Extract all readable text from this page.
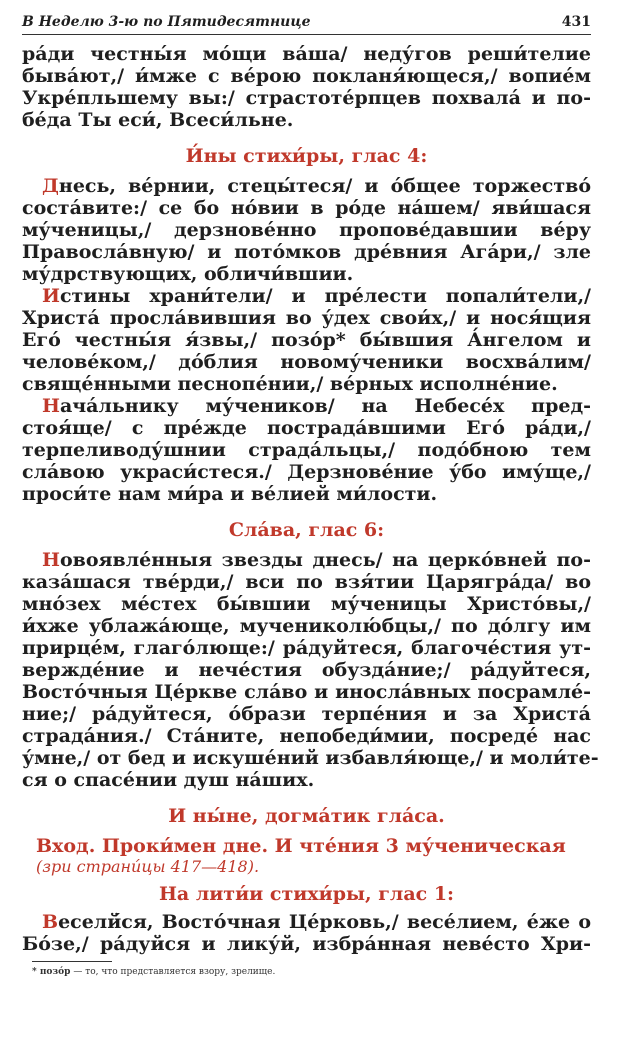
В Неделю 3-ю по Пятидесятнице	431
ра́ди честны́я мо́щи ва́ша/ неду́гов реши́телие
быва́ют,/ и́мже с ве́рою покланя́ющеся,/ вопие́м
Укре́пльшему вы:/ страстоте́рпцев похвала́ и по-
бе́да Ты еси́, Всеси́льне.
И́ны стихи́ры, глас 4:
Днесь, ве́рнии, стецы́теся/ и о́бщее торжество́
соста́вите:/ се бо но́вии в ро́де на́шем/ яви́шася
му́ченицы,/ дерзнове́нно пропове́давшии ве́ру
Правосла́вную/ и пото́мков дре́вния Ага́ри,/ зле
му́дрствующих, обличи́вшии.
Истины храни́тели/ и пре́лести попали́тели,/
Христа́ просла́вившия во у́дех свои́х,/ и нося́щия
Его́ честны́я я́звы,/ позо́р* бы́вшия А́нгелом и
челове́ком,/ до́блия новому́ченики восхва́лим/
свяще́нными песнопе́нии,/ ве́рных исполне́ние.
Нача́льнику му́чеников/ на Небесе́х пред-
стоя́ще/ с пре́жде пострада́вшими Его́ ра́ди,/
терпеливоду́шнии страда́льцы,/ подо́бною тем
сла́вою украси́стеся./ Дерзнове́ние у́бо иму́ще,/
проси́те нам ми́ра и ве́лией ми́лости.
Сла́ва, глас 6:
Новоявле́нныя звезды днесь/ на церко́вней по-
каза́шася тве́рди,/ вси по взя́тии Царягра́да/ во
мно́зех ме́стех бы́вшии му́ченицы Христо́вы,/
и́хже ублажа́юще, мучениколю́бцы,/ по до́лгу им
прирце́м, глаго́люще:/ ра́дуйтеся, благоче́стия ут-
вержде́ние и нече́стия обузда́ние;/ ра́дуйтеся,
Восто́чныя Це́ркве сла́во и иносла́вных посрамле́-
ние;/ ра́дуйтеся, о́брази терпе́ния и за Христа́
страда́ния./ Ста́ните, непобеди́мии, посреде́ нас
у́мне,/ от бед и искуше́ний избавля́юще,/ и моли́те-
ся о спасе́нии душ на́ших.
И ны́не, догма́тик гла́са.
Вход. Проки́мен дне. И чте́ния 3 му́ченическая
(зри страни́цы 417—418).
На лити́и стихи́ры, глас 1:
Веселй́ся, Восто́чная Це́рковь,/ весе́лием, е́же о
Бо́зе,/ ра́дуйся и лику́й, избра́нная неве́сто Хри-
* позо́р — то, что представляется взору, зрелище.
